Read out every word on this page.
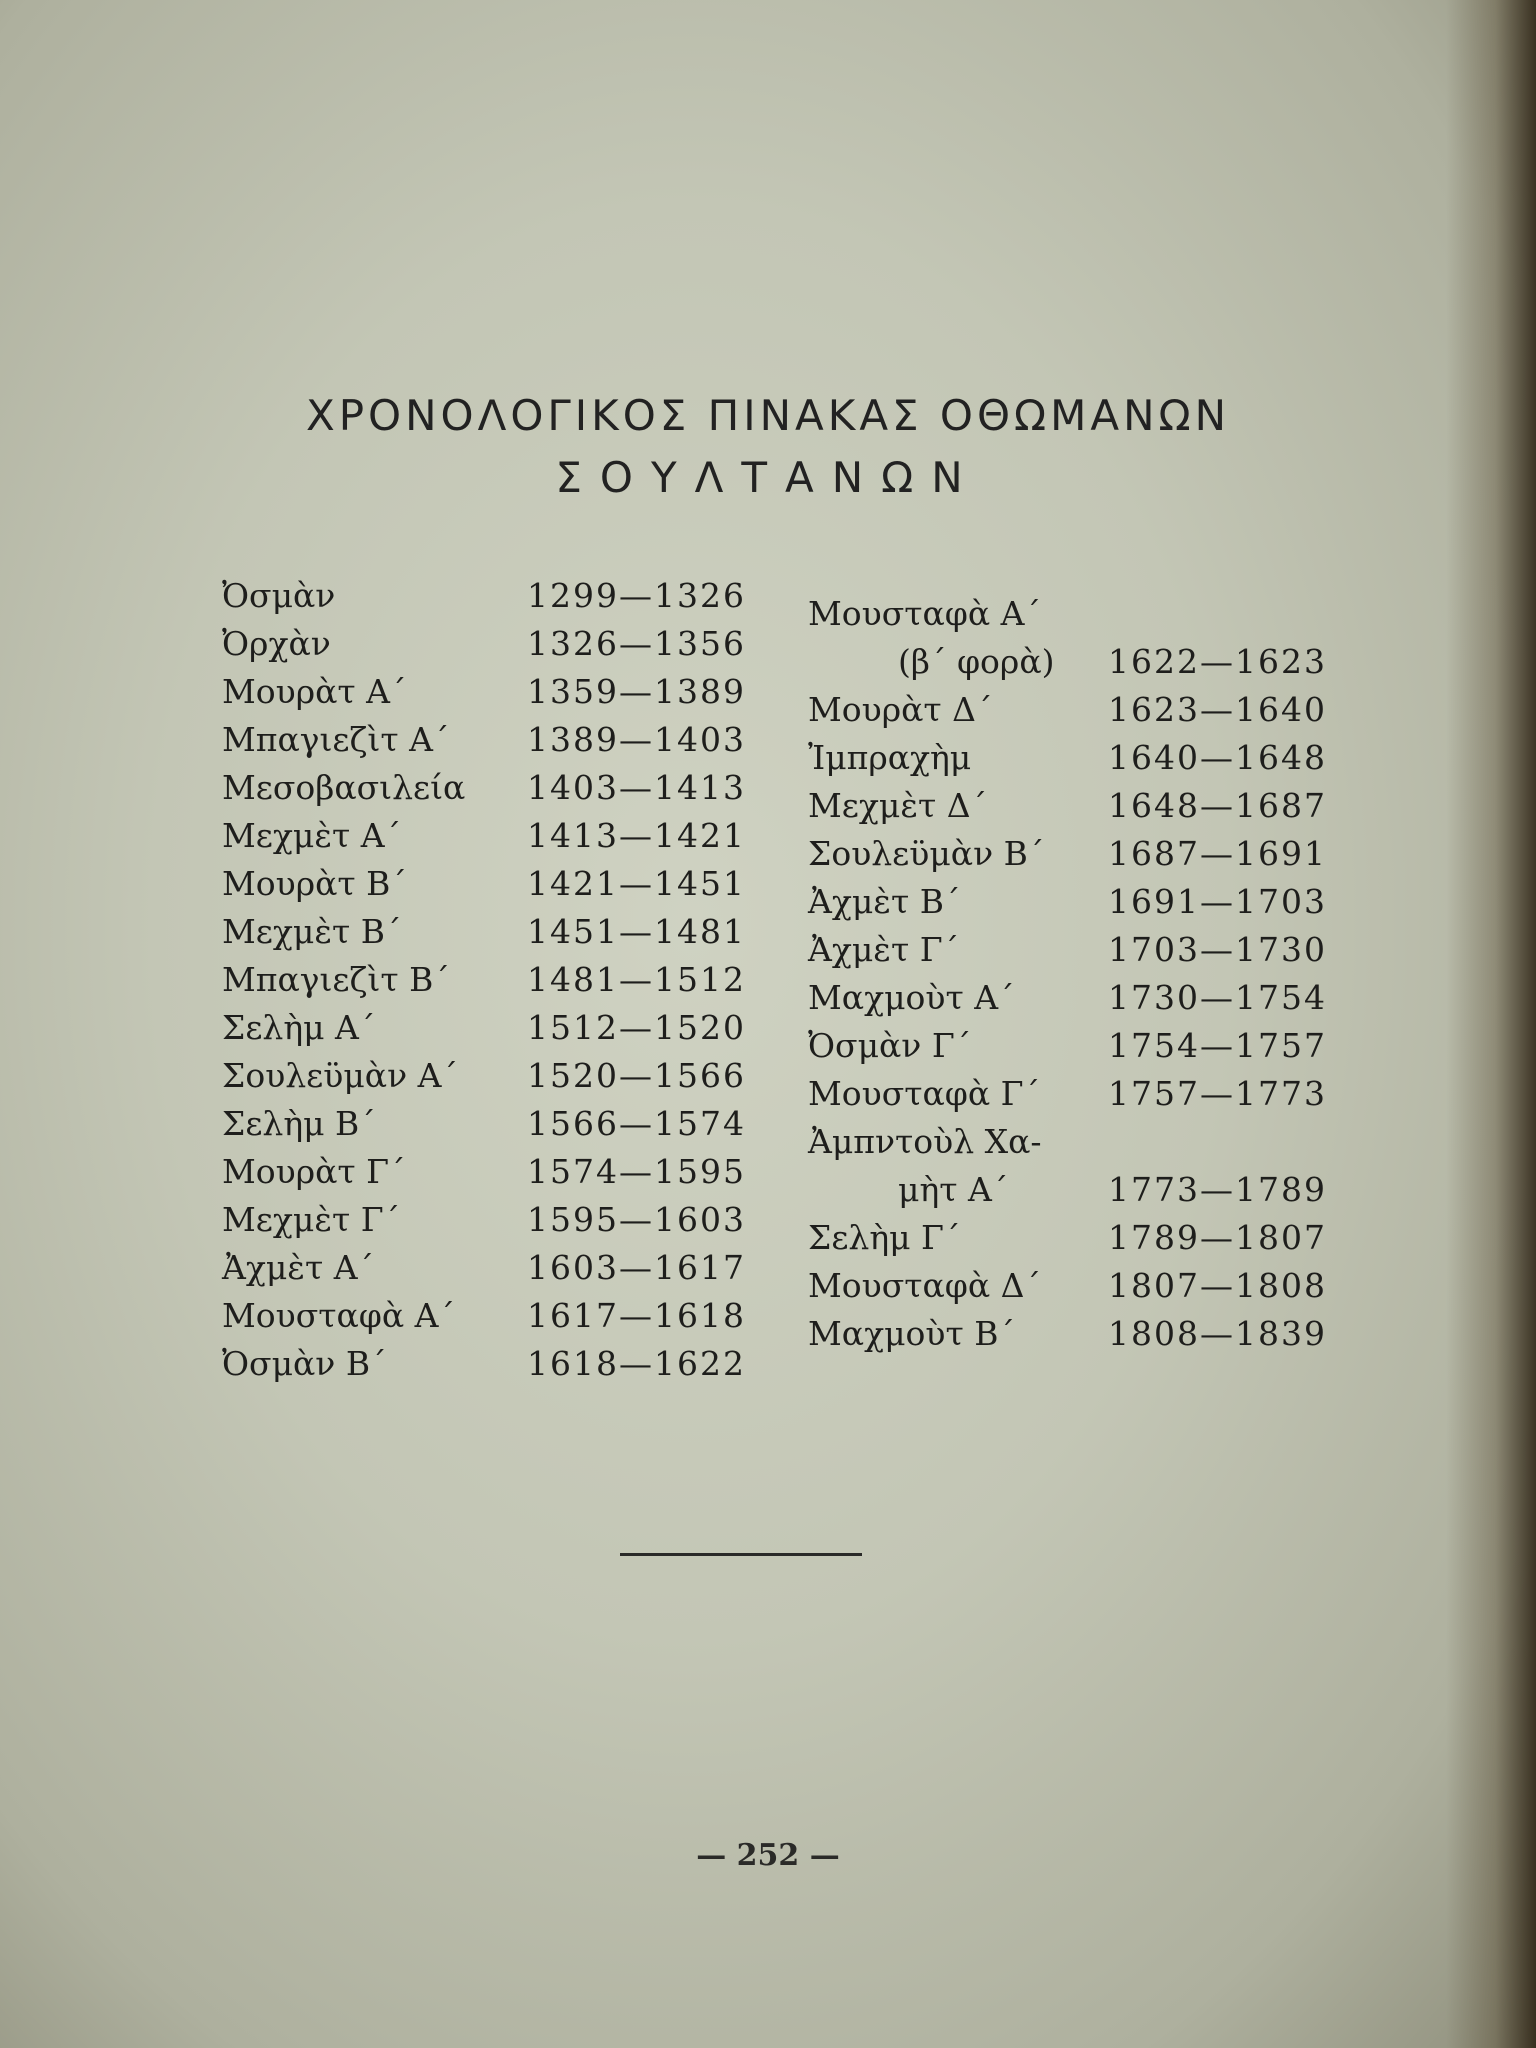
ΧΡΟΝΟΛΟΓΙΚΟΣ ΠΙΝΑΚΑΣ ΟΘΩΜΑΝΩΝ
ΣΟΥΛΤΑΝΩΝ
Ὀσμὰν	1299—1326
Ὀρχὰν	1326—1356
Μουρὰτ Α΄	1359—1389
Μπαγιεζὶτ Α΄ 1389—1403
Μεσοβασιλεία 1403—1413
Μεχμὲτ Α΄	1413—1421
Μουρὰτ Β΄	1421—1451
Μεχμὲτ Β΄	1451—1481
Μπαγιεζὶτ Β΄ 1481—1512
Σελὴμ Α΄	1512—1520
Σουλεϋμὰν Α΄ 1520—1566
Σελὴμ Β΄	1566—1574
Μουρὰτ Γ΄	1574—1595
Μεχμὲτ Γ΄	1595—1603
Ἀχμὲτ Α΄	1603—1617
Μουσταφὰ Α΄ 1617—1618
Ὀσμὰν Β΄	1618—1622
Μουσταφὰ Α΄
(β΄ φορὰ) 1622—1623
Μουρὰτ Δ΄	1623—1640
Ἰμπραχὴμ	1640—1648
Μεχμὲτ Δ΄	1648—1687
Σουλεϋμὰν Β΄ 1687—1691
Ἀχμὲτ Β΄	1691—1703
Ἀχμὲτ Γ΄	1703—1730
Μαχμοὺτ Α΄	1730—1754
Ὀσμὰν Γ΄	1754—1757
Μουσταφὰ Γ΄ 1757—1773
Ἀμπντοὺλ Χα-
μὴτ Α΄	1773—1789
Σελὴμ Γ΄	1789—1807
Μουσταφὰ Δ΄ 1807—1808
Μαχμοὺτ Β΄	1808—1839
— 252 —
